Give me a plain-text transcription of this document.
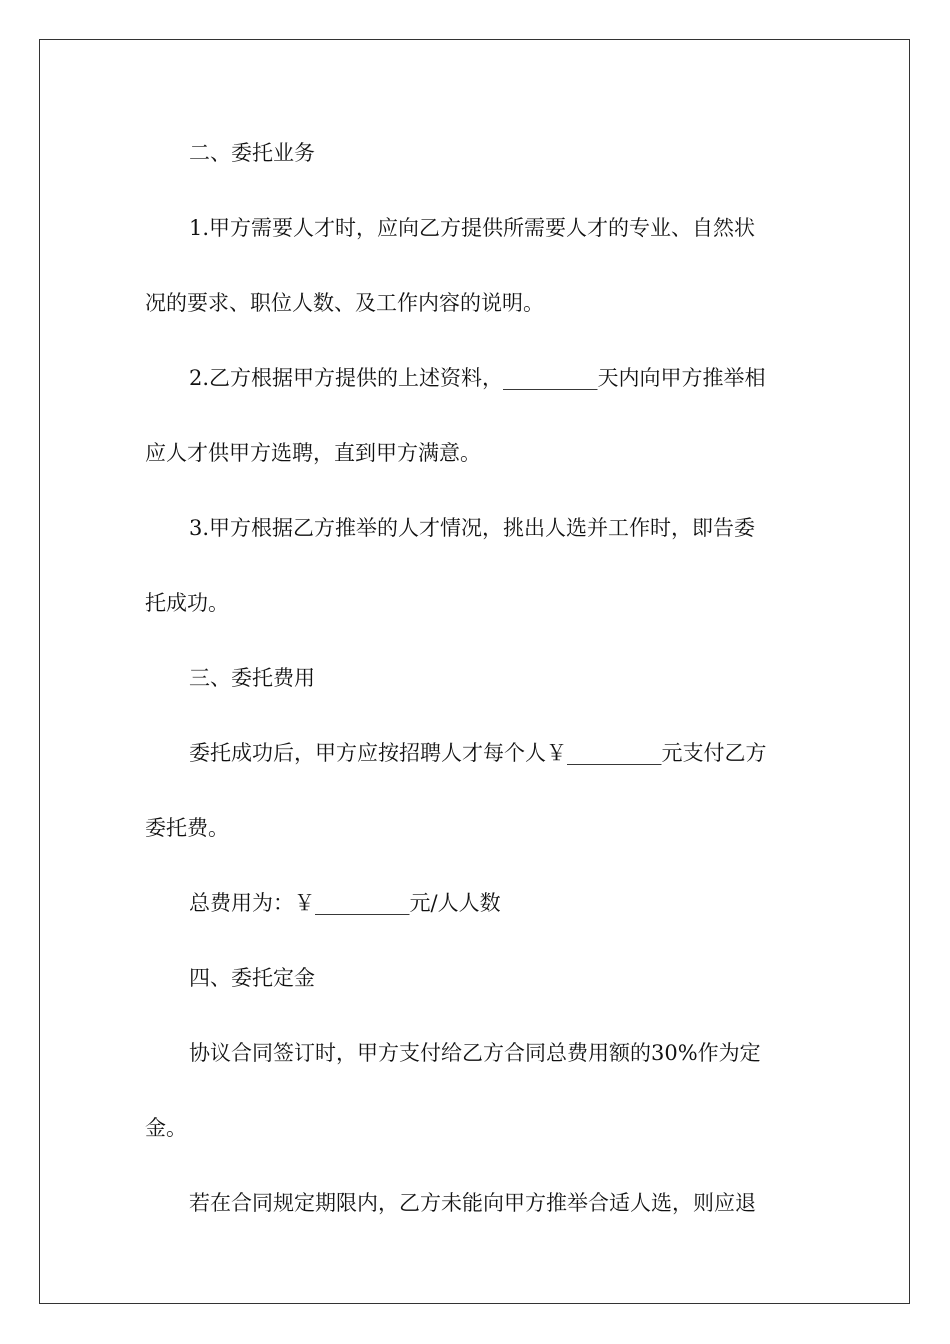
二、委托业务
1.甲方需要人才时，应向乙方提供所需要人才的专业、自然状
况的要求、职位人数、及工作内容的说明。
2.乙方根据甲方提供的上述资料，_________天内向甲方推举相
应人才供甲方选聘，直到甲方满意。
3.甲方根据乙方推举的人才情况，挑出人选并工作时，即告委
托成功。
三、委托费用
委托成功后，甲方应按招聘人才每个人￥_________元支付乙方
委托费。
总费用为：￥_________元/人人数
四、委托定金
协议合同签订时，甲方支付给乙方合同总费用额的30%作为定
金。
若在合同规定期限内，乙方未能向甲方推举合适人选，则应退
